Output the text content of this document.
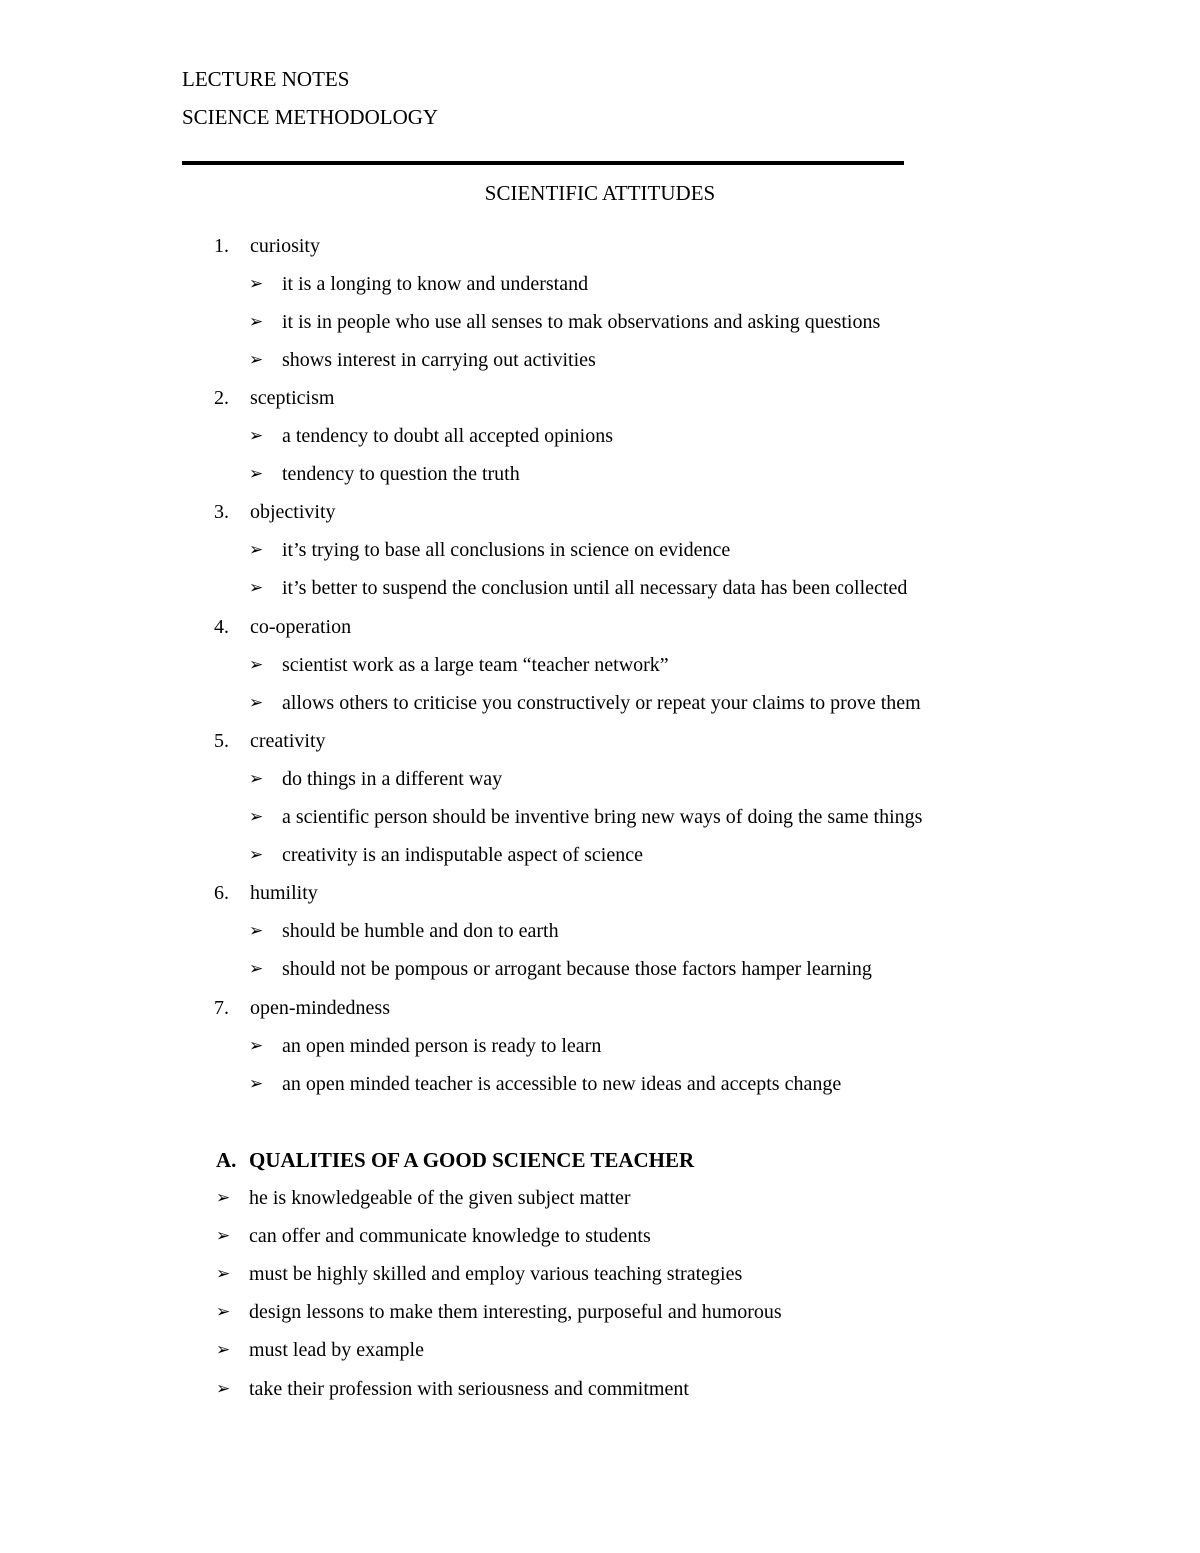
LECTURE NOTES
SCIENCE METHODOLOGY
SCIENTIFIC ATTITUDES
1. curiosity
➢ it is a longing to know and understand
➢ it is in people who use all senses to mak observations and asking questions
➢ shows interest in carrying out activities
2. scepticism
➢ a tendency to doubt all accepted opinions
➢ tendency to question the truth
3. objectivity
➢ it’s trying to base all conclusions in science on evidence
➢ it’s better to suspend the conclusion until all necessary data has been collected
4. co-operation
➢ scientist work as a large team “teacher network”
➢ allows others to criticise you constructively or repeat your claims to prove them
5. creativity
➢ do things in a different way
➢ a scientific person should be inventive bring new ways of doing the same things
➢ creativity is an indisputable aspect of science
6. humility
➢ should be humble and don to earth
➢ should not be pompous or arrogant because those factors hamper learning
7. open-mindedness
➢ an open minded person is ready to learn
➢ an open minded teacher is accessible to new ideas and accepts change
A. QUALITIES OF A GOOD SCIENCE TEACHER
➢ he is knowledgeable of the given subject matter
➢ can offer and communicate knowledge to students
➢ must be highly skilled and employ various teaching strategies
➢ design lessons to make them interesting, purposeful and humorous
➢ must lead by example
➢ take their profession with seriousness and commitment
